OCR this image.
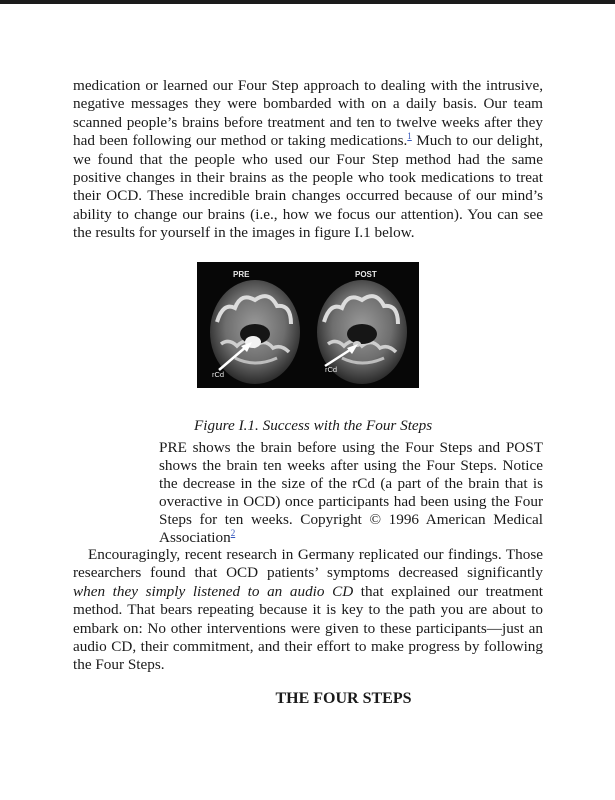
medication or learned our Four Step approach to dealing with the intrusive, negative messages they were bombarded with on a daily basis. Our team scanned people’s brains before treatment and ten to twelve weeks after they had been following our method or taking medications.$^1$ Much to our delight, we found that the people who used our Four Step method had the same positive changes in their brains as the people who took medications to treat their OCD. These incredible brain changes occurred because of our mind’s ability to change our brains (i.e., how we focus our attention). You can see the results for yourself in the images in figure I.1 below.

PRE	POST
rCd
rCd
Figure I.1. Success with the Four Steps

PRE shows the brain before using the Four Steps and POST shows the brain ten weeks after using the Four Steps. Notice the decrease in the size of the rCd (a part of the brain that is overactive in OCD) once participants had been using the Four Steps for ten weeks. Copyright © 1996 American Medical Association$^2$

Encouragingly, recent research in Germany replicated our findings. Those researchers found that OCD patients’ symptoms decreased significantly when they simply listened to an audio CD that explained our treatment method. That bears repeating because it is key to the path you are about to embark on: No other interventions were given to these participants—just an audio CD, their commitment, and their effort to make progress by following the Four Steps.

THE FOUR STEPS
